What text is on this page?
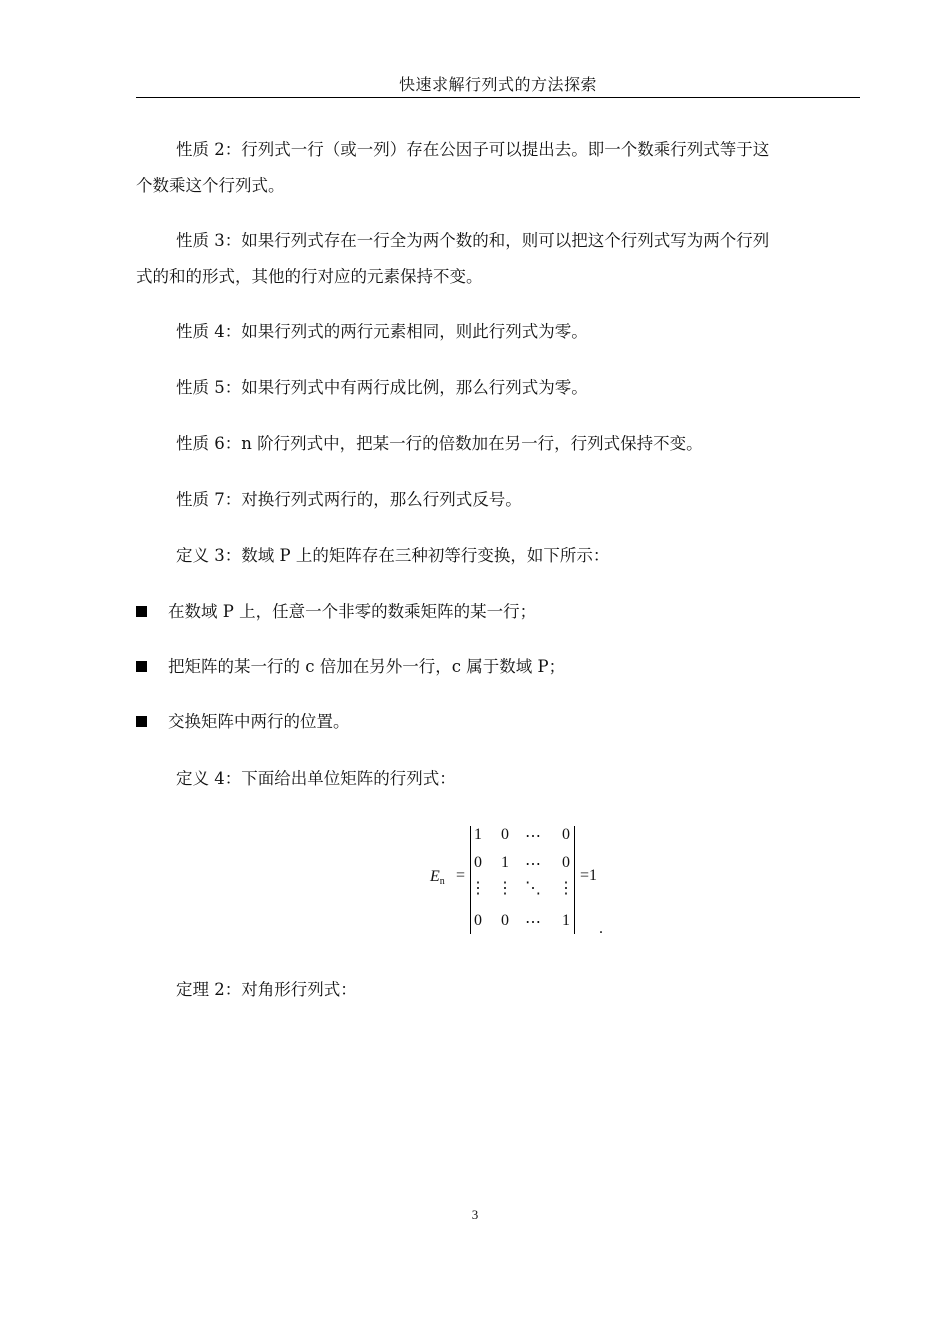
快速求解行列式的方法探索
性质 2：行列式一行（或一列）存在公因子可以提出去。即一个数乘行列式等于这
个数乘这个行列式。
性质 3：如果行列式存在一行全为两个数的和，则可以把这个行列式写为两个行列
式的和的形式，其他的行对应的元素保持不变。
性质 4：如果行列式的两行元素相同，则此行列式为零。
性质 5：如果行列式中有两行成比例，那么行列式为零。
性质 6：n 阶行列式中，把某一行的倍数加在另一行，行列式保持不变。
性质 7：对换行列式两行的，那么行列式反号。
定义 3：数域 P 上的矩阵存在三种初等行变换，如下所示：
在数域 P 上，任意一个非零的数乘矩阵的某一行；
把矩阵的某一行的 c 倍加在另外一行，c 属于数域 P；
交换矩阵中两行的位置。
定义 4：下面给出单位矩阵的行列式：
$E_n$ =
1	0	⋯	0
0	1	⋯	0
⋮ ⋮ ⋱ ⋮
0	0	⋯	1
=1
.
定理 2：对角形行列式：
3
